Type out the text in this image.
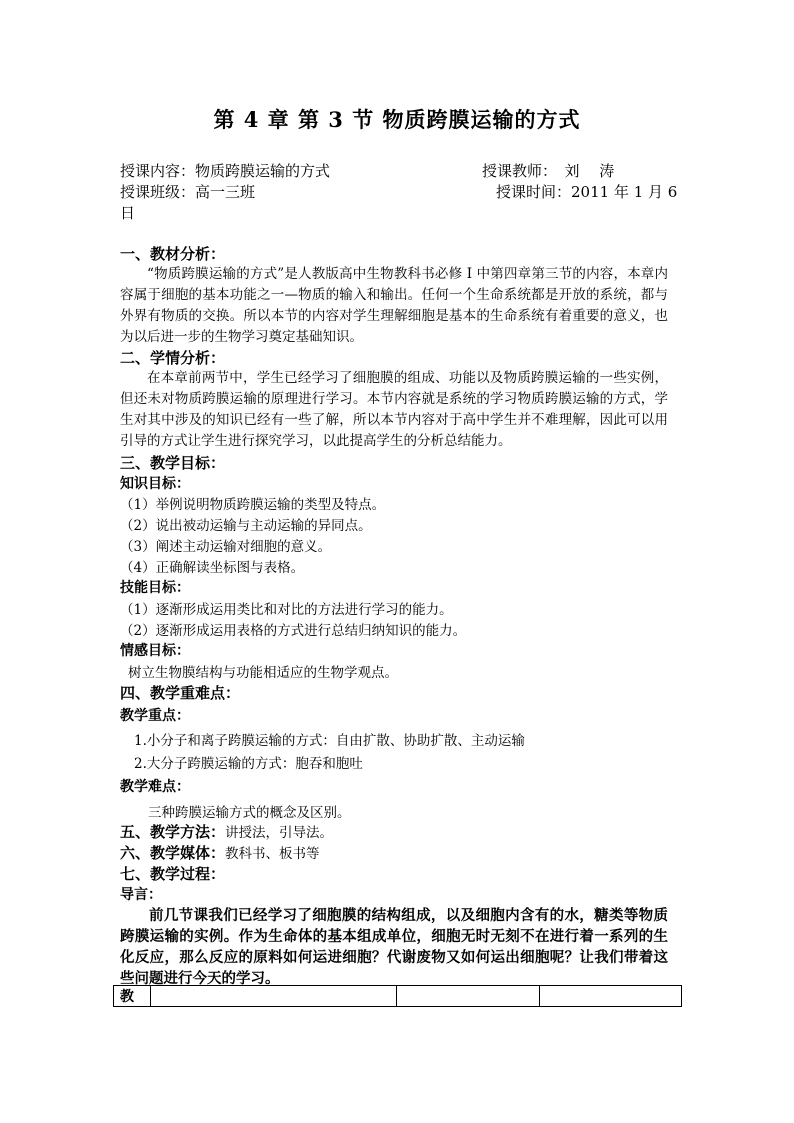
第 4 章 第 3 节 物质跨膜运输的方式
授课内容：物质跨膜运输的方式	授课教师：　刘　 涛
授课班级：高一三班	授课时间：2011 年 1 月 6
日
一、教材分析：
“物质跨膜运输的方式”是人教版高中生物教科书必修 I 中第四章第三节的内容，本章内容属于细胞的基本功能之一—物质的输入和输出。任何一个生命系统都是开放的系统，都与外界有物质的交换。所以本节的内容对学生理解细胞是基本的生命系统有着重要的意义，也为以后进一步的生物学习奠定基础知识。
二、学情分析：
在本章前两节中，学生已经学习了细胞膜的组成、功能以及物质跨膜运输的一些实例，但还未对物质跨膜运输的原理进行学习。本节内容就是系统的学习物质跨膜运输的方式，学生对其中涉及的知识已经有一些了解，所以本节内容对于高中学生并不难理解，因此可以用引导的方式让学生进行探究学习，以此提高学生的分析总结能力。
三、教学目标：
知识目标：
（1）举例说明物质跨膜运输的类型及特点。
（2）说出被动运输与主动运输的异同点。
（3）阐述主动运输对细胞的意义。
（4）正确解读坐标图与表格。
技能目标：
（1）逐渐形成运用类比和对比的方法进行学习的能力。
（2）逐渐形成运用表格的方式进行总结归纳知识的能力。
情感目标：
树立生物膜结构与功能相适应的生物学观点。
四、教学重难点：
教学重点：
1.小分子和离子跨膜运输的方式：自由扩散、协助扩散、主动运输
2.大分子跨膜运输的方式：胞吞和胞吐
教学难点：
三种跨膜运输方式的概念及区别。
五、教学方法：讲授法，引导法。
六、教学媒体：教科书、板书等
七、教学过程：
导言：
前几节课我们已经学习了细胞膜的结构组成，以及细胞内含有的水，糖类等物质跨膜运输的实例。作为生命体的基本组成单位，细胞无时无刻不在进行着一系列的生化反应，那么反应的原料如何运进细胞？代谢废物又如何运出细胞呢？让我们带着这些问题进行今天的学习。
教			
